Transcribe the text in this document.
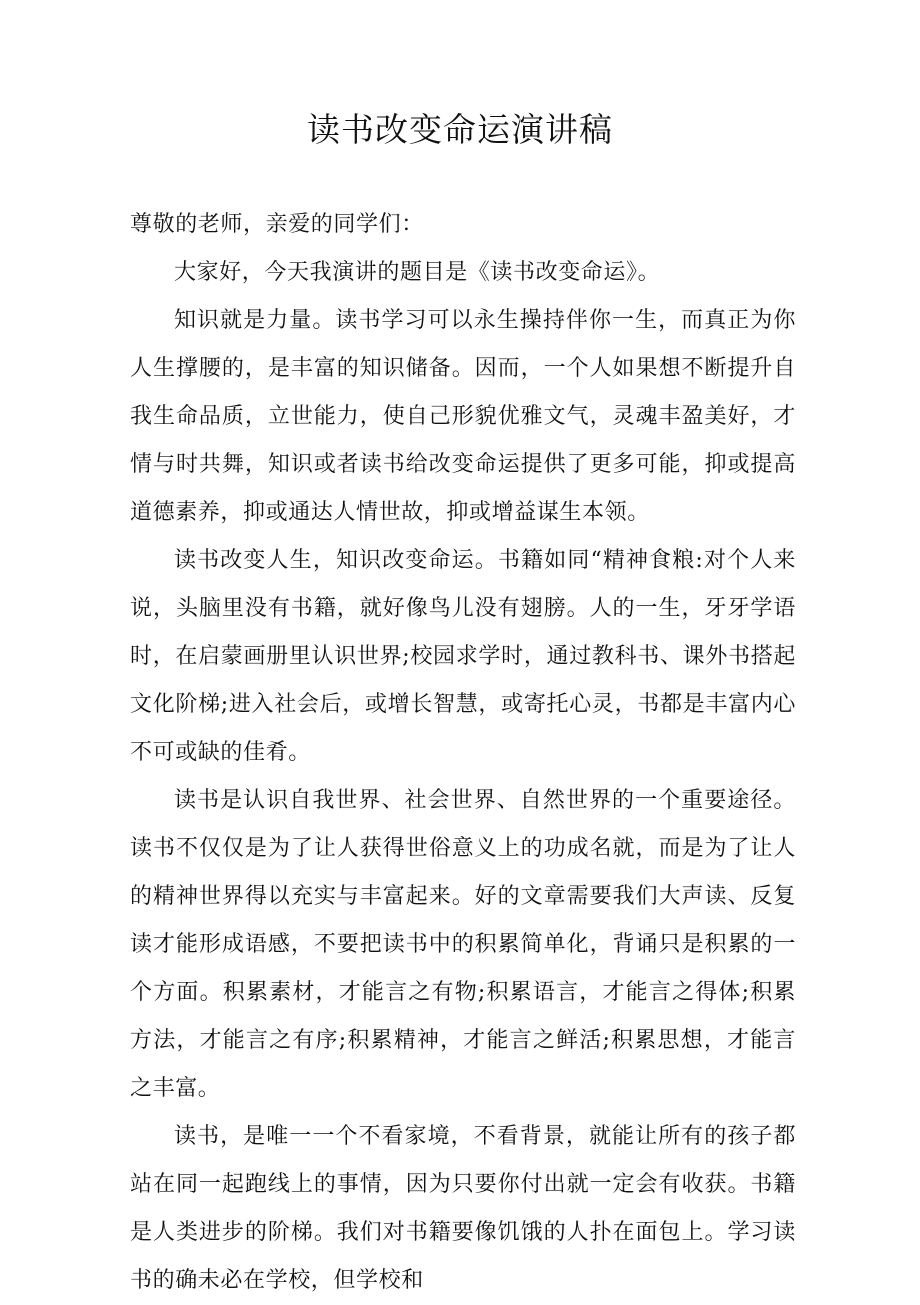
读书改变命运演讲稿

尊敬的老师，亲爱的同学们：

大家好，今天我演讲的题目是《读书改变命运》。

知识就是力量。读书学习可以永生操持伴你一生，而真正为你人生撑腰的，是丰富的知识储备。因而，一个人如果想不断提升自我生命品质，立世能力，使自己形貌优雅文气，灵魂丰盈美好，才情与时共舞，知识或者读书给改变命运提供了更多可能，抑或提高道德素养，抑或通达人情世故，抑或增益谋生本领。

读书改变人生，知识改变命运。书籍如同“精神食粮:对个人来说，头脑里没有书籍，就好像鸟儿没有翅膀。人的一生，牙牙学语时，在启蒙画册里认识世界;校园求学时，通过教科书、课外书搭起文化阶梯;进入社会后，或增长智慧，或寄托心灵，书都是丰富内心不可或缺的佳肴。

读书是认识自我世界、社会世界、自然世界的一个重要途径。读书不仅仅是为了让人获得世俗意义上的功成名就，而是为了让人的精神世界得以充实与丰富起来。好的文章需要我们大声读、反复读才能形成语感，不要把读书中的积累简单化，背诵只是积累的一个方面。积累素材，才能言之有物;积累语言，才能言之得体;积累方法，才能言之有序;积累精神，才能言之鲜活;积累思想，才能言之丰富。

读书，是唯一一个不看家境，不看背景，就能让所有的孩子都站在同一起跑线上的事情，因为只要你付出就一定会有收获。书籍是人类进步的阶梯。我们对书籍要像饥饿的人扑在面包上。学习读书的确未必在学校，但学校和
